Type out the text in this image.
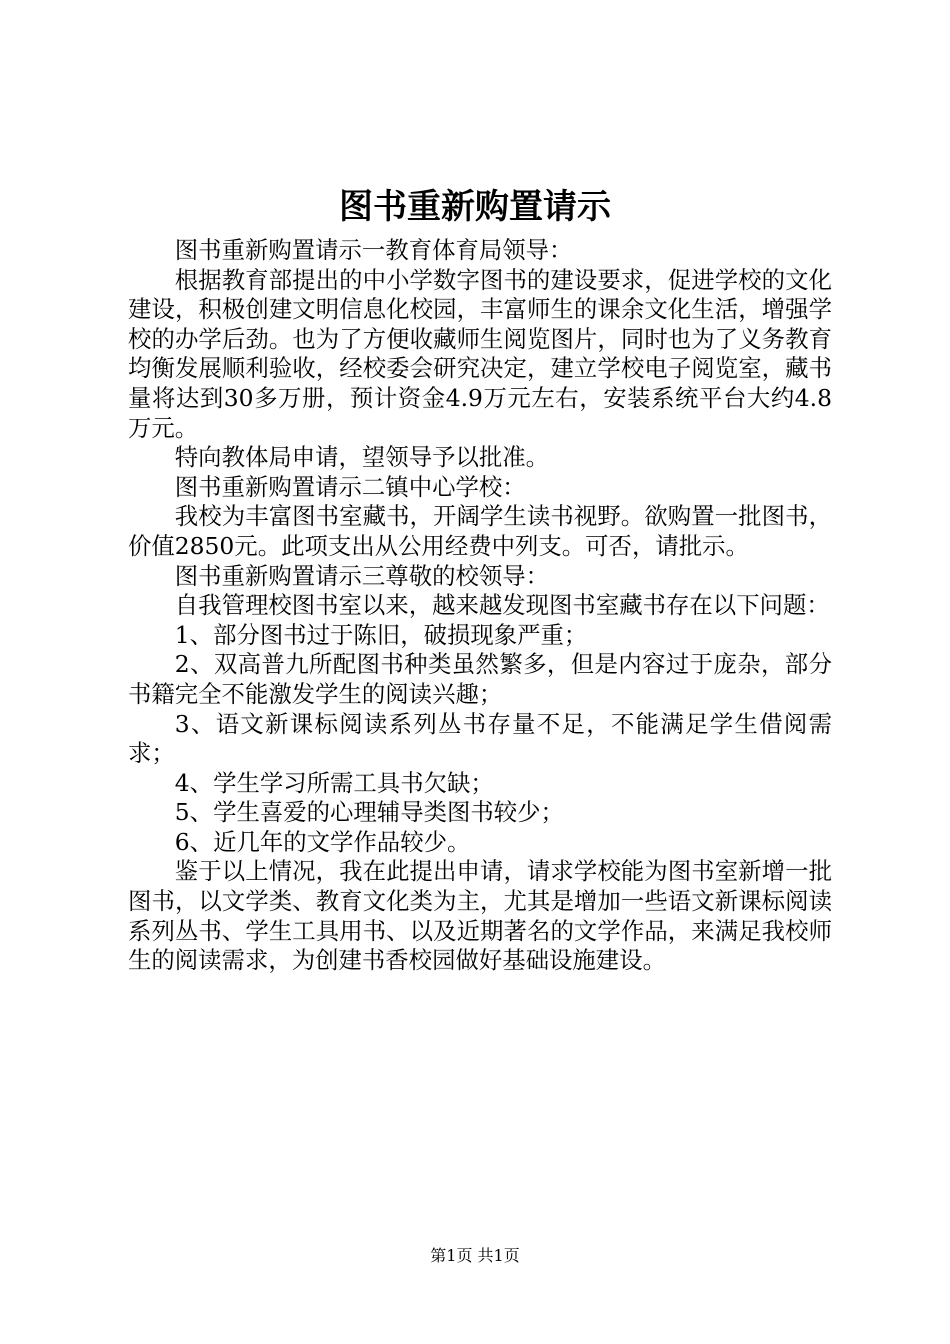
图书重新购置请示

图书重新购置请示一教育体育局领导：

根据教育部提出的中小学数字图书的建设要求，促进学校的文化建设，积极创建文明信息化校园，丰富师生的课余文化生活，增强学校的办学后劲。也为了方便收藏师生阅览图片，同时也为了义务教育均衡发展顺利验收，经校委会研究决定，建立学校电子阅览室，藏书量将达到30多万册，预计资金4.9万元左右，安装系统平台大约4.8万元。

特向教体局申请，望领导予以批准。

图书重新购置请示二镇中心学校：

我校为丰富图书室藏书，开阔学生读书视野。欲购置一批图书，价值2850元。此项支出从公用经费中列支。可否，请批示。

图书重新购置请示三尊敬的校领导：

自我管理校图书室以来，越来越发现图书室藏书存在以下问题：

1、部分图书过于陈旧，破损现象严重；

2、双高普九所配图书种类虽然繁多，但是内容过于庞杂，部分书籍完全不能激发学生的阅读兴趣；

3、语文新课标阅读系列丛书存量不足，不能满足学生借阅需求；

4、学生学习所需工具书欠缺；

5、学生喜爱的心理辅导类图书较少；

6、近几年的文学作品较少。

鉴于以上情况，我在此提出申请，请求学校能为图书室新增一批图书，以文学类、教育文化类为主，尤其是增加一些语文新课标阅读系列丛书、学生工具用书、以及近期著名的文学作品，来满足我校师生的阅读需求，为创建书香校园做好基础设施建设。

第1页 共1页
